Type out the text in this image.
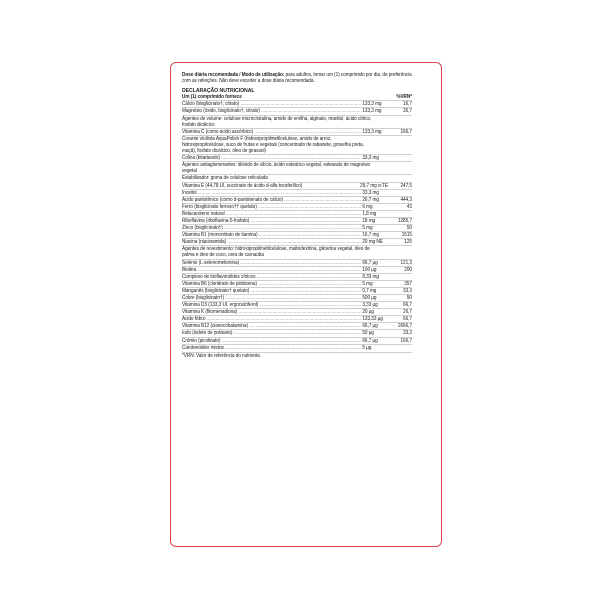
Dose diária recomendada / Modo de utilização: para adultos, tomar um (1) comprimido por dia, de preferência com as refeições. Não deve exceder a dose diária recomendada.
DECLARAÇÃO NUTRICIONAL
Um (1) comprimido fornece	%VRN*
Cálcio (bisglicinato†, citrato) .....	133,3 mg	16,7
Magnésio (óxido, bisglicinato†, citrato) .....	133,3 mg	35,7
Agentes de volume: celulose microcristalina, amido de ervilha, alginato, manitol, ácido cítrico, fosfato dicálcico
Vitamina C (como ácido ascórbico) .....	133,3 mg	166,7
Corante vícilinta AquaPolish F (hidroxipropilmetilcelulose, amido de arroz, hidroxipropilcelulose, suco de frutas e vegetais (concentrado de rabanete, groselha preta, maçã), fosfato dicálcico, óleo de girassol)
Colina (bitartarato) .....	33,3 mg
Agentes antiaglomerantes: dióxido de silício, ácido esteárico vegetal, estearato de magnésio vegetal
Estabilizador: goma de celulose reticulada
Vitamina E (44,78 UI, succinato de ácido d-alfa tocoferílico)	29,7 mg α-TE	247,5
Inositol .....	33,3 mg
Ácido pantotênico (como d-pantotenato de cálcio) .....	26,7 mg	444,3
Ferro (bisglicinato ferroso†† quelato) .....	6 mg	43
Betacaroteno natural .....	1,8 mg
Riboflavina (riboflavina-5-fosfato) .....	18 mg	1285,7
Zinco (bisglicinato†) .....	5 mg	50
Vitamina B1 (mononitrato de tiamina) .....	16,7 mg	1515
Niacina (niacinamida) .....	20 mg NE	125
Agentes de revestimento: hidroxipropilmetilcelulose, maltodextrina, glicerina vegetal, óleo de palma e óleo de coco, cera de carnaúba
Selénio (L-selenometionina) .....	66,7 µg	121,3
Biotina .....	100 µg	200
Complexo de bioflavonóides cítricos .....	8,33 mg
Vitamina B6 (cloridrato de piridoxina) .....	5 mg	357
Manganês (bisglicinato† quelato) .....	0,7 mg	33,3
Cobre (bisglicinato†) .....	500 µg	50
Vitamina D3 (133,3 UI, ergocalciferol) .....	3,33 µg	66,7
Vitamina K (fitomenadiona) .....	20 µg	26,7
Ácido fólico .....	133,33 µg	66,7
Vitamina B12 (cianocobalamina) .....	66,7 µg	2666,7
Iodo (iodeto de potássio) .....	50 µg	33,3
Crómio (picolinato) .....	66,7 µg	166,7
Carotenóides mistos .....	5 µg
*VRN: Valor de referência do nutriente.
